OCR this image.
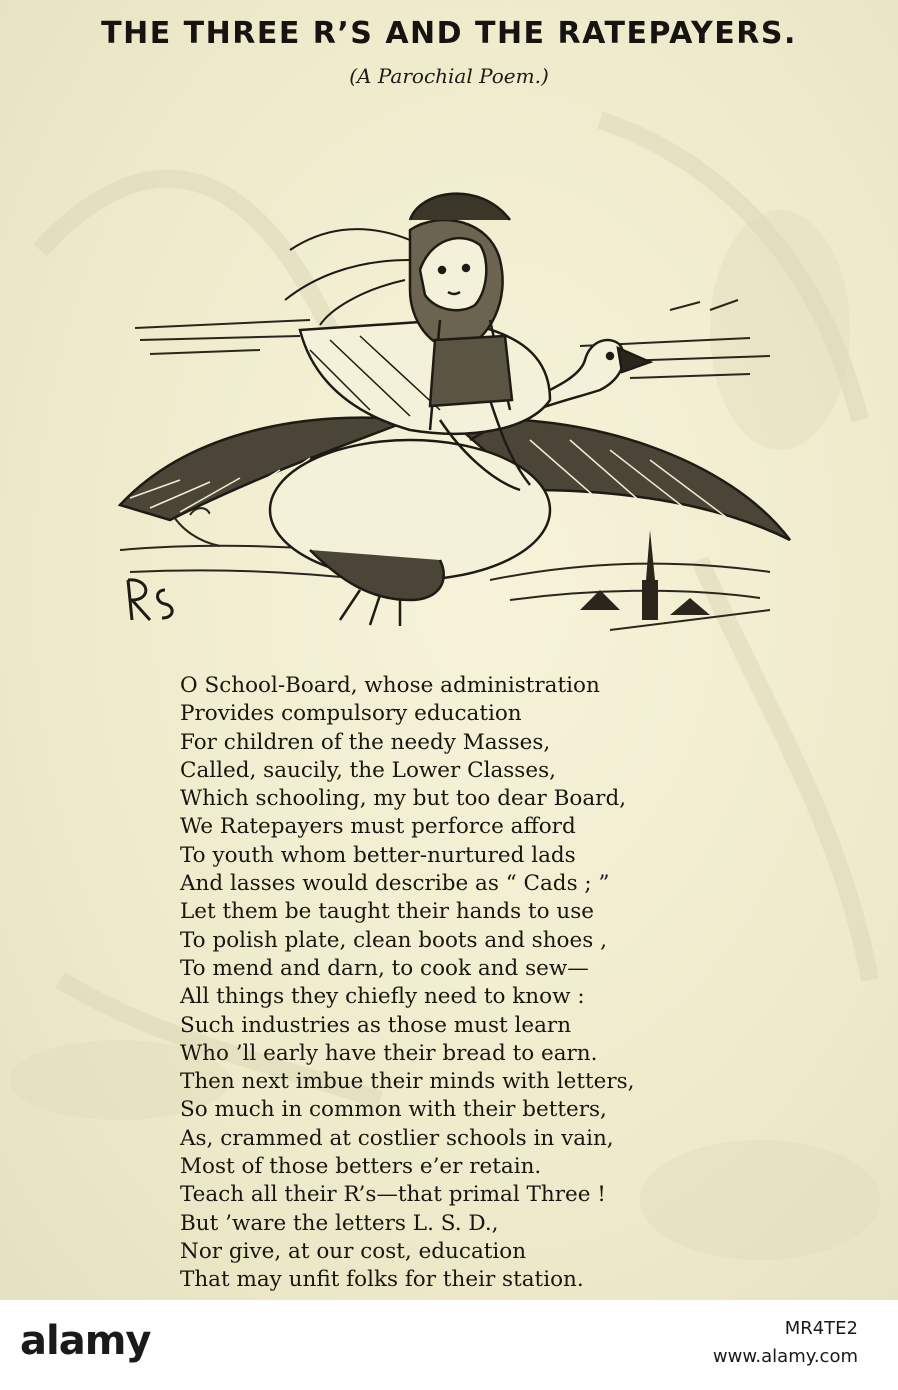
THE THREE R’S AND THE RATEPAYERS.

(A Parochial Poem.)

O School-Board, whose administration
Provides compulsory education
For children of the needy Masses,
Called, saucily, the Lower Classes,
Which schooling, my but too dear Board,
We Ratepayers must perforce afford
To youth whom better-nurtured lads
And lasses would describe as “ Cads ; ”
Let them be taught their hands to use
To polish plate, clean boots and shoes ,
To mend and darn, to cook and sew—
All things they chiefly need to know :
Such industries as those must learn
Who ’ll early have their bread to earn.
Then next imbue their minds with letters,
So much in common with their betters,
As, crammed at costlier schools in vain,
Most of those betters e’er retain.
Teach all their R’s—that primal Three !
But ’ware the letters L. S. D.,
Nor give, at our cost, education
That may unfit folks for their station.
alamy	MR4TE2
www.alamy.com
